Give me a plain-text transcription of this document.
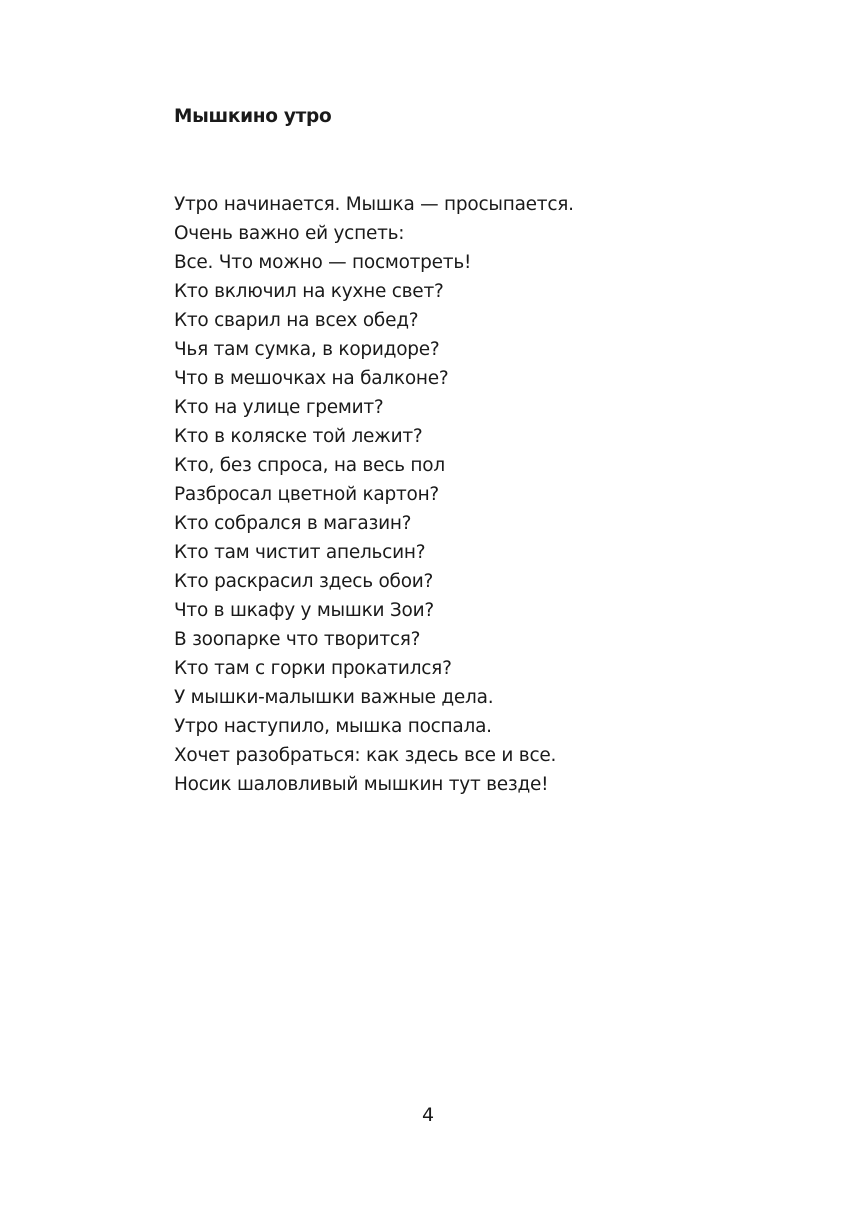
Мышкино утро
Утро начинается. Мышка — просыпается.
Очень важно ей успеть:
Все. Что можно — посмотреть!
Кто включил на кухне свет?
Кто сварил на всех обед?
Чья там сумка, в коридоре?
Что в мешочках на балконе?
Кто на улице гремит?
Кто в коляске той лежит?
Кто, без спроса, на весь пол
Разбросал цветной картон?
Кто собрался в магазин?
Кто там чистит апельсин?
Кто раскрасил здесь обои?
Что в шкафу у мышки Зои?
В зоопарке что творится?
Кто там с горки прокатился?
У мышки-малышки важные дела.
Утро наступило, мышка поспала.
Хочет разобраться: как здесь все и все.
Носик шаловливый мышкин тут везде!
4
